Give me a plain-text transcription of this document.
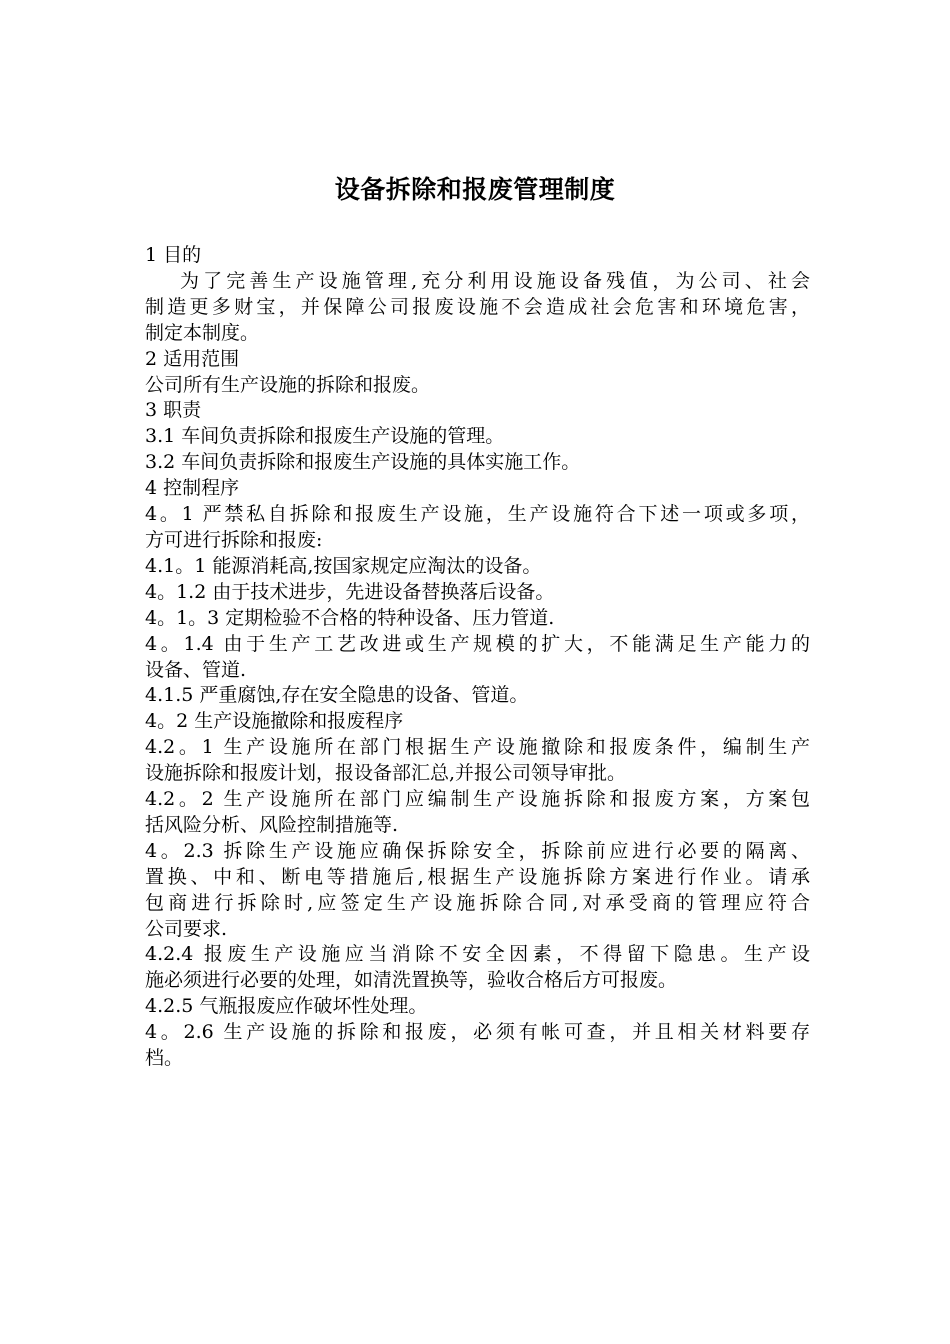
设备拆除和报废管理制度
1 目的
为了完善生产设施管理,充分利用设施设备残值，为公司、社会
制造更多财宝，并保障公司报废设施不会造成社会危害和环境危害，
制定本制度。
2 适用范围
公司所有生产设施的拆除和报废。
3 职责
3.1 车间负责拆除和报废生产设施的管理。
3.2 车间负责拆除和报废生产设施的具体实施工作。
4 控制程序
4。1 严禁私自拆除和报废生产设施，生产设施符合下述一项或多项，
方可进行拆除和报废:
4.1。1 能源消耗高,按国家规定应淘汰的设备。
4。1.2 由于技术进步，先进设备替换落后设备。
4。1。3 定期检验不合格的特种设备、压力管道.
4。1.4 由于生产工艺改进或生产规模的扩大，不能满足生产能力的
设备、管道.
4.1.5 严重腐蚀,存在安全隐患的设备、管道。
4。2 生产设施撤除和报废程序
4.2。1 生产设施所在部门根据生产设施撤除和报废条件，编制生产
设施拆除和报废计划，报设备部汇总,并报公司领导审批。
4.2。2 生产设施所在部门应编制生产设施拆除和报废方案，方案包
括风险分析、风险控制措施等.
4。2.3 拆除生产设施应确保拆除安全，拆除前应进行必要的隔离、
置换、中和、断电等措施后,根据生产设施拆除方案进行作业。请承
包商进行拆除时,应签定生产设施拆除合同,对承受商的管理应符合
公司要求.
4.2.4 报废生产设施应当消除不安全因素，不得留下隐患。生产设
施必须进行必要的处理，如清洗置换等，验收合格后方可报废。
4.2.5 气瓶报废应作破坏性处理。
4。2.6 生产设施的拆除和报废，必须有帐可查，并且相关材料要存
档。
